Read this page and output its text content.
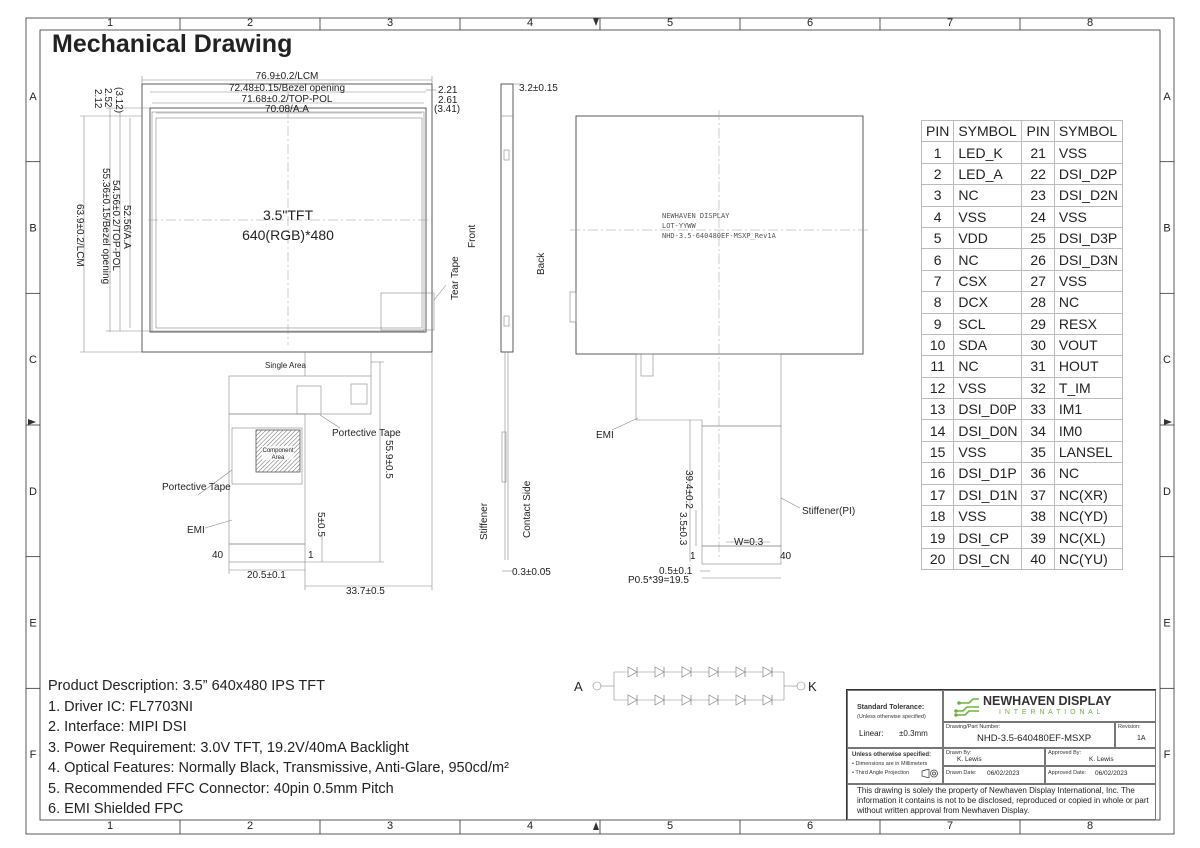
1
1
2
2
3
3
4
4
5
5
6
6
7
7
8
8
A	A
B	B
C	C
D	D
E	E
F	F
3.5"TFT
640(RGB)*480
Tear Tape
76.9±0.2/LCM
72.48±0.15/Bezel opening
71.68±0.2/TOP-POL
70.08/A.A
2.21
2.61
(3.41)
63.9±0.2/LCM 55.36±0.15/Bezel opening 54.56±0.2/TOP-POL 52.56/A.A
(3.12)
2.52
2.12
Component
Area
Single Area
Portective Tape
Portective Tape
EMI
40	1
55.9±0.5
5±0.5
20.5±0.1
33.7±0.5
3.2±0.15
Front
Back
Stiffener	Contact Side
0.3±0.05
NEWHAVEN DISPLAY
LOT-YYWW
NHD-3.5-640480EF-MSXP_Rev1A
EMI
Stiffener(PI)
39.4±0.2
3.5±0.3	W=0.3
1	40
0.5±0.1
P0.5*39=19.5
A	K
Mechanical Drawing
PIN	SYMBOL	PIN	SYMBOL
1	LED_K	21	VSS
2	LED_A	22	DSI_D2P
3	NC	23	DSI_D2N
4	VSS	24	VSS
5	VDD	25	DSI_D3P
6	NC	26	DSI_D3N
7	CSX	27	VSS
8	DCX	28	NC
9	SCL	29	RESX
10	SDA	30	VOUT
11	NC	31	HOUT
12	VSS	32	T_IM
13	DSI_D0P	33	IM1
14	DSI_D0N	34	IM0
15	VSS	35	LANSEL
16	DSI_D1P	36	NC
17	DSI_D1N	37	NC(XR)
18	VSS	38	NC(YD)
19	DSI_CP	39	NC(XL)
20	DSI_CN	40	NC(YU)
Product Description: 3.5” 640x480 IPS TFT
1. Driver IC: FL7703NI
2. Interface: MIPI DSI
3. Power Requirement: 3.0V TFT, 19.2V/40mA Backlight
4. Optical Features: Normally Black, Transmissive, Anti-Glare, 950cd/m²
5. Recommended FFC Connector: 40pin 0.5mm Pitch
6. EMI Shielded FPC
Standard Tolerance:
(Unless otherwise specified)
Linear: ±0.3mm
Unless otherwise specified:
• Dimensions are in Millimeters
• Third Angle Projection
NEWHAVEN DISPLAY
I N T E R N A T I O N A L
Drawing/Part Number:
NHD-3.5-640480EF-MSXP
Revision:
1A
Drawn By:
K. Lewis
Approved By:
K. Lewis
Drawn Date: 06/02/2023	Approved Date: 06/02/2023
This drawing is solely the property of Newhaven Display International, Inc. The information it contains is not to be disclosed, reproduced or copied in whole or part without written approval from Newhaven Display.
